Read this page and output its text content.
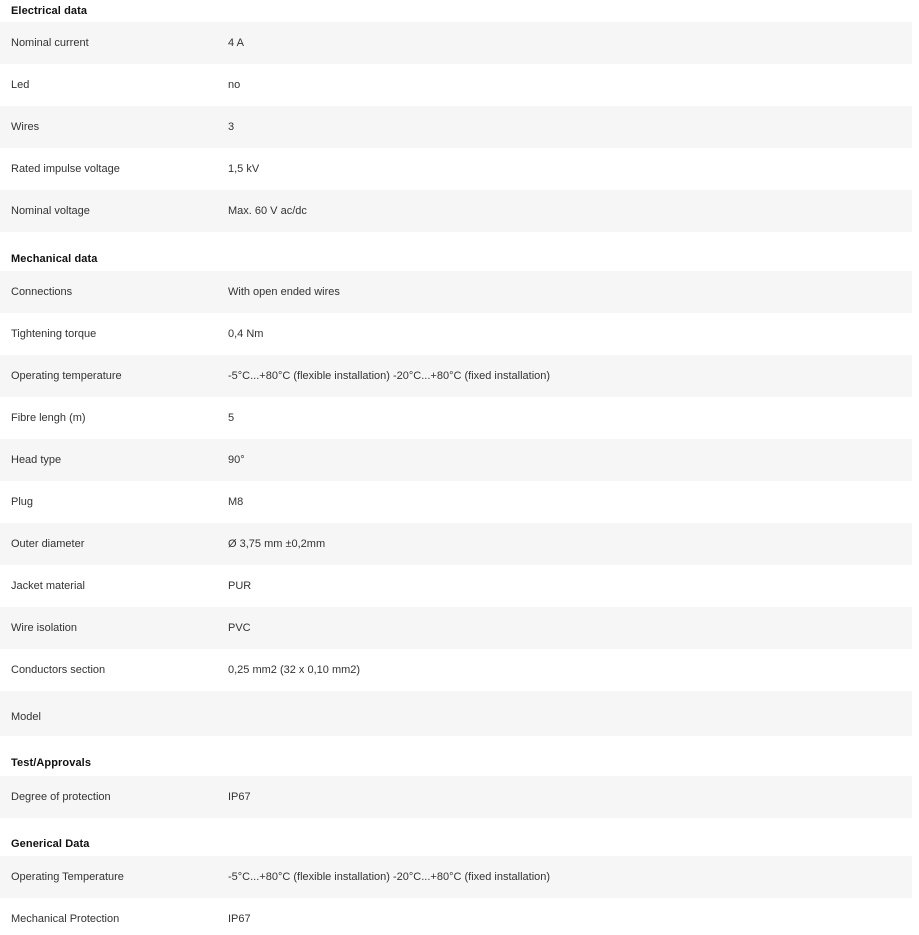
Electrical data
Nominal current	4 A
Led	no
Wires	3
Rated impulse voltage	1,5 kV
Nominal voltage	Max. 60 V ac/dc
Mechanical data
Connections	With open ended wires
Tightening torque	0,4 Nm
Operating temperature	-5°C...+80°C (flexible installation) -20°C...+80°C (fixed installation)
Fibre lengh (m)	5
Head type	90°
Plug	M8
Outer diameter	Ø 3,75 mm ±0,2mm
Jacket material	PUR
Wire isolation	PVC
Conductors section	0,25 mm2 (32 x 0,10 mm2)
Model
Test/Approvals
Degree of protection	IP67
Generical Data
Operating Temperature	-5°C...+80°C (flexible installation) -20°C...+80°C (fixed installation)
Mechanical Protection	IP67
